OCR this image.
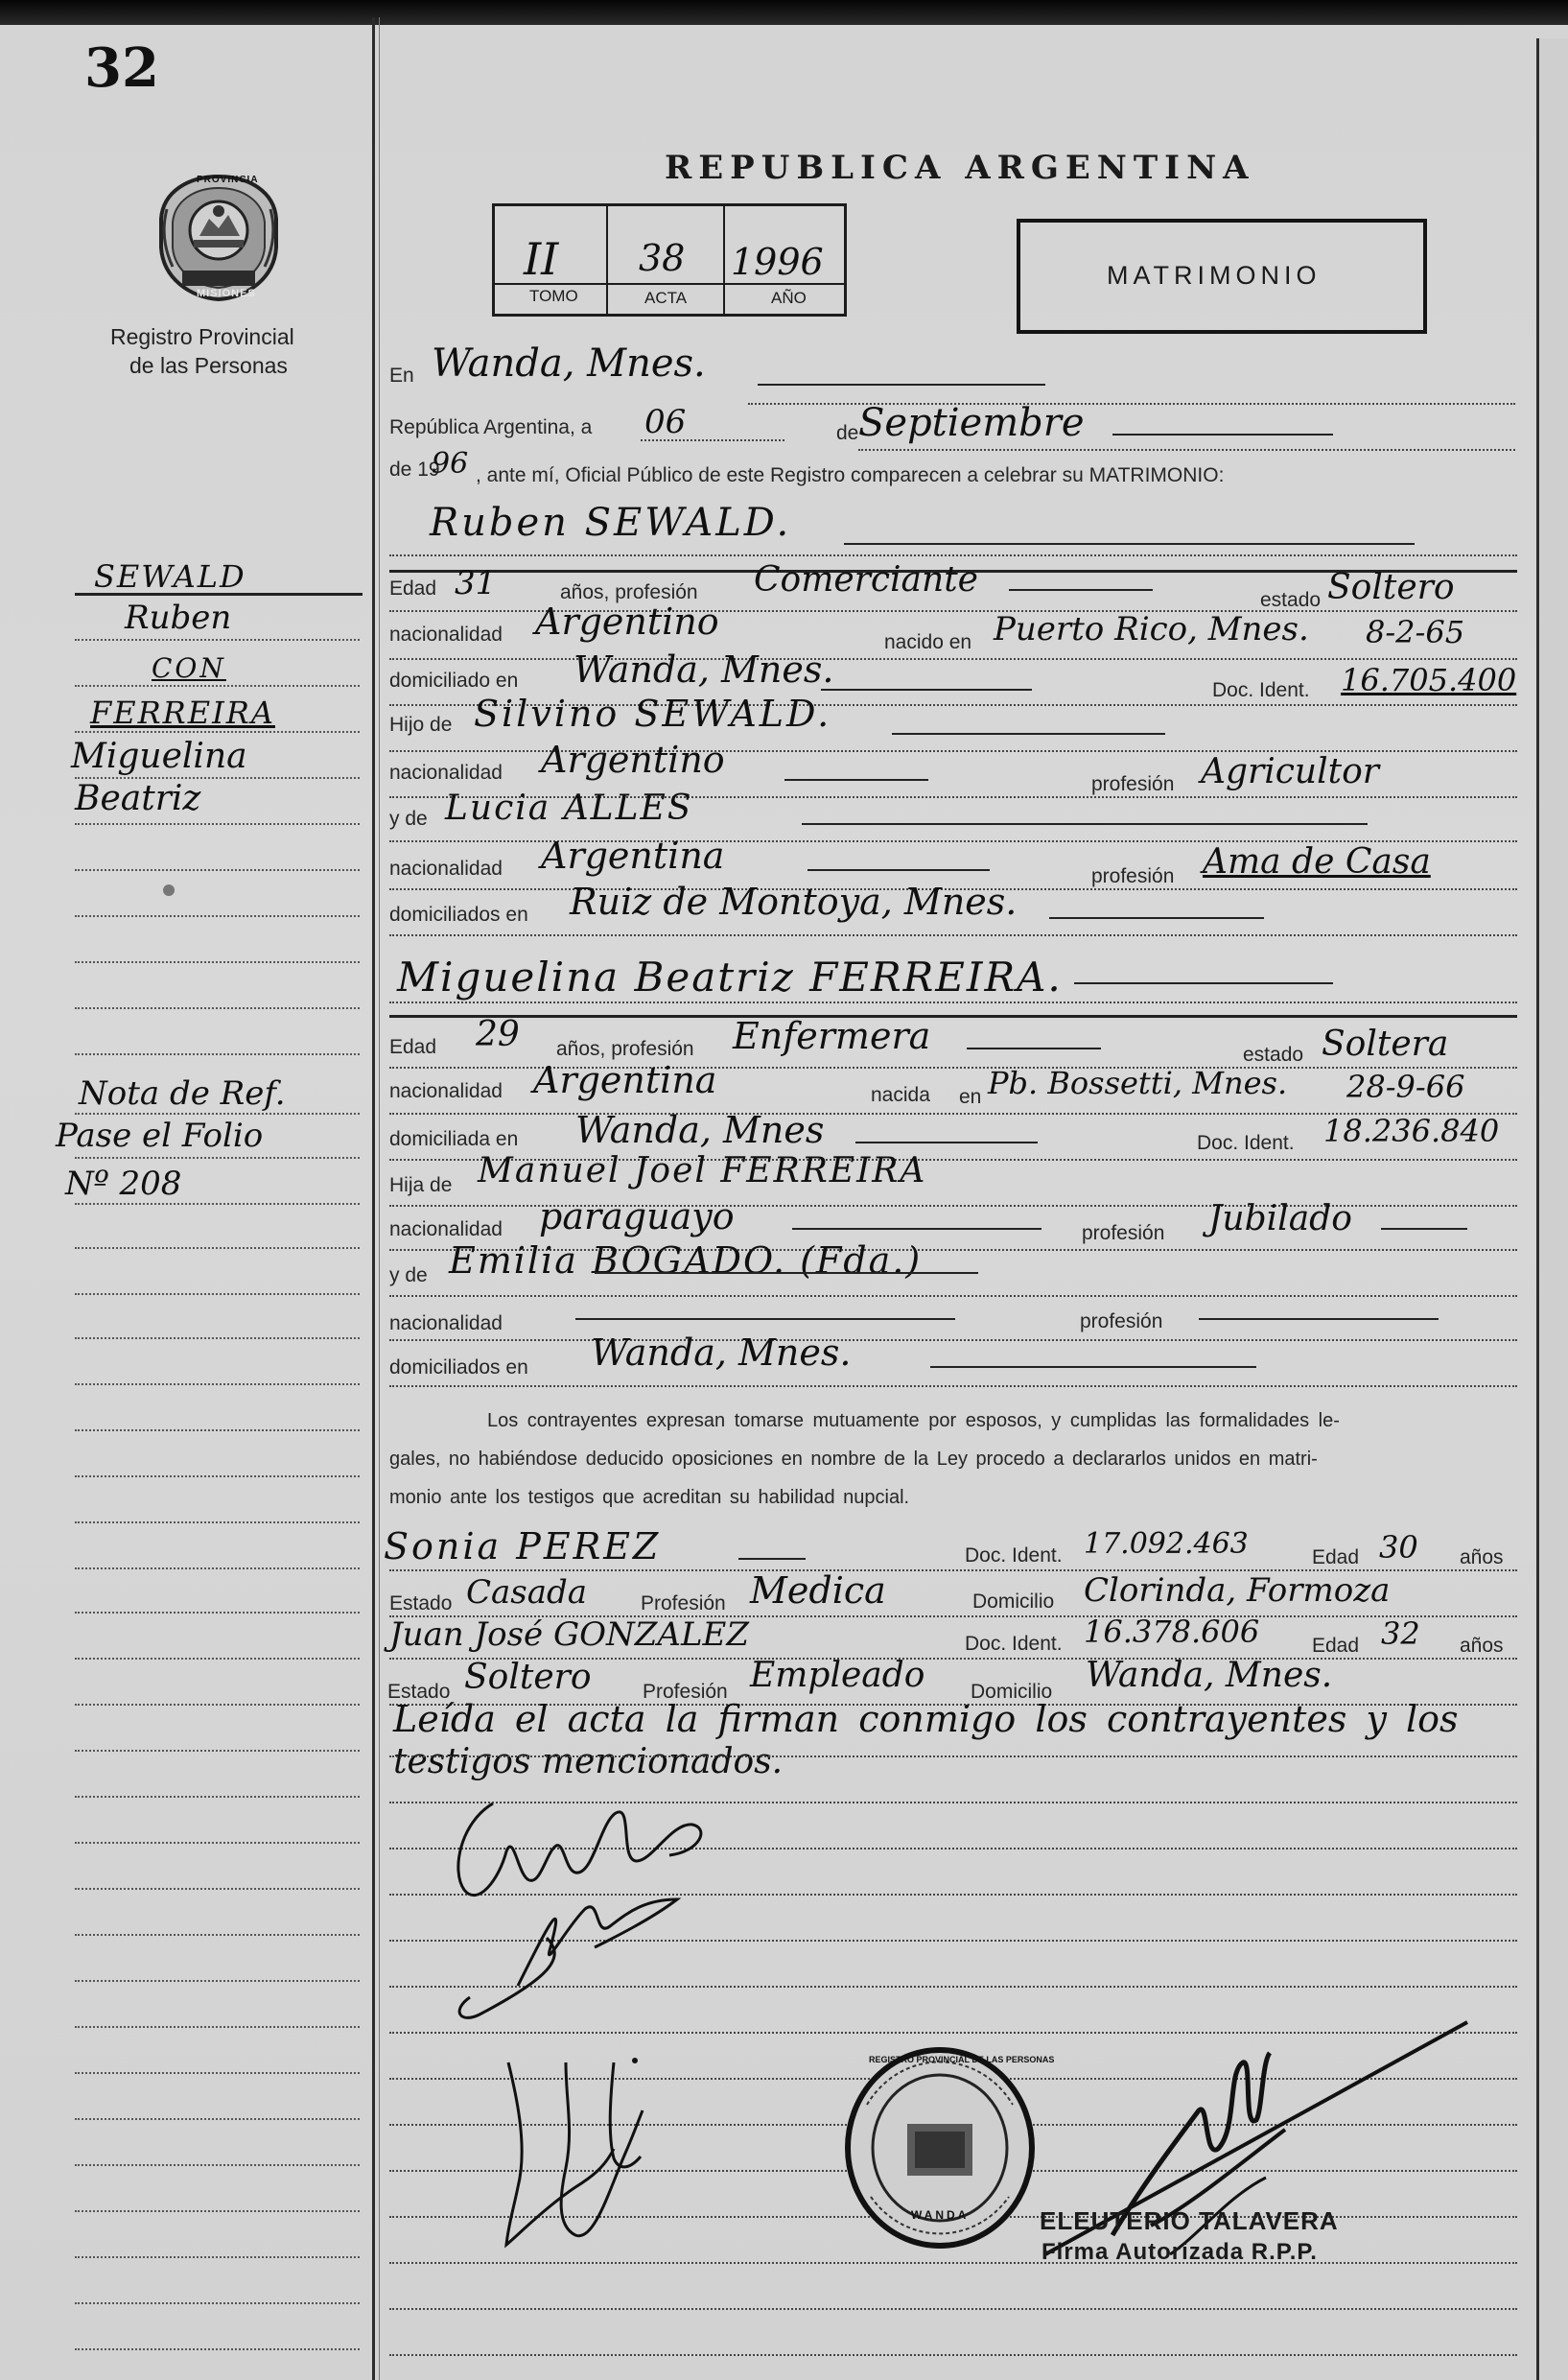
32
PROVINCIA
MISIONES
Registro Provincial
de las Personas
REPUBLICA ARGENTINA
II 38 1996
TOMO	ACTA	AÑO
MATRIMONIO
En Wanda, Mnes.
República Argentina, a 06	de Septiembre
de 19
96 , ante mí, Oficial Público de este Registro comparecen a celebrar su MATRIMONIO:
Ruben SEWALD.
Edad 31	años, profesión Comerciante
estado Soltero
nacionalidad Argentino	nacido en Puerto Rico, Mnes. 8-2-65
domiciliado en Wanda, Mnes.	Doc. Ident. 16.705.400
Hijo de Silvino SEWALD.
nacionalidad Argentino
profesión Agricultor
y de Lucia ALLES
nacionalidad Argentina	profesión Ama de Casa
domiciliados en Ruiz de Montoya, Mnes.
Miguelina Beatriz FERREIRA.
Edad 29 años, profesión Enfermera	estado Soltera
nacionalidad Argentina	nacida en Pb. Bossetti, Mnes. 28-9-66
domiciliada en Wanda, Mnes	Doc. Ident. 18.236.840
Hija de Manuel Joel FERREIRA
nacionalidad paraguayo	profesión Jubilado
y de Emilia BOGADO. (Fda.)
nacionalidad	profesión
domiciliados en Wanda, Mnes.
Los contrayentes expresan tomarse mutuamente por esposos, y cumplidas las formalidades le-
gales, no habiéndose deducido oposiciones en nombre de la Ley procedo a declararlos unidos en matri-
monio ante los testigos que acreditan su habilidad nupcial.
Sonia PEREZ	Doc. Ident. 17.092.463	Edad 30 años
Estado Casada	Profesión Medica	Domicilio Clorinda, Formoza
Juan José GONZALEZ	Doc. Ident. 16.378.606	Edad 32 años
Estado Soltero	Profesión Empleado Domicilio Wanda, Mnes.
Leída el acta la firman conmigo los contrayentes y los
testigos mencionados.
REGISTRO PROVINCIAL DE LAS PERSONAS
WANDA	ELEUTERIO TALAVERA
Firma Autorizada R.P.P.
SEWALD
Ruben
CON
FERREIRA
Miguelina
Beatriz
Nota de Ref.
Pase el Folio
Nº 208
